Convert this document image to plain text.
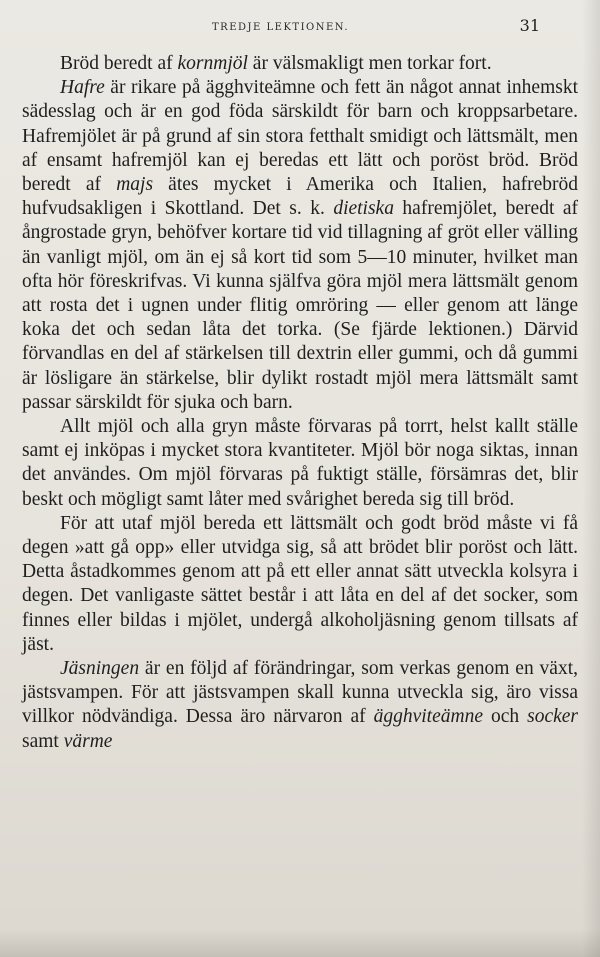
TREDJE LEKTIONEN.	31

Bröd beredt af kornmjöl är välsmakligt men torkar fort.

Hafre är rikare på ägghviteämne och fett än något annat inhemskt sädesslag och är en god föda särskildt för barn och kroppsarbetare. Hafremjölet är på grund af sin stora fetthalt smidigt och lättsmält, men af ensamt hafremjöl kan ej beredas ett lätt och poröst bröd. Bröd beredt af majs ätes mycket i Amerika och Italien, hafrebröd hufvudsakligen i Skottland. Det s. k. dietiska hafremjölet, beredt af ångrostade gryn, behöfver kortare tid vid tillagning af gröt eller välling än vanligt mjöl, om än ej så kort tid som 5—10 minuter, hvilket man ofta hör föreskrifvas. Vi kunna själfva göra mjöl mera lättsmält genom att rosta det i ugnen under flitig omröring — eller genom att länge koka det och sedan låta det torka. (Se fjärde lektionen.) Därvid förvandlas en del af stärkelsen till dextrin eller gummi, och då gummi är lösligare än stärkelse, blir dylikt rostadt mjöl mera lättsmält samt passar särskildt för sjuka och barn.

Allt mjöl och alla gryn måste förvaras på torrt, helst kallt ställe samt ej inköpas i mycket stora kvantiteter. Mjöl bör noga siktas, innan det användes. Om mjöl förvaras på fuktigt ställe, försämras det, blir beskt och mögligt samt låter med svårighet bereda sig till bröd.

För att utaf mjöl bereda ett lättsmält och godt bröd måste vi få degen »att gå opp» eller utvidga sig, så att brödet blir poröst och lätt. Detta åstadkommes genom att på ett eller annat sätt utveckla kolsyra i degen. Det vanligaste sättet består i att låta en del af det socker, som finnes eller bildas i mjölet, undergå alkoholjäsning genom tillsats af jäst.

Jäsningen är en följd af förändringar, som verkas genom en växt, jästsvampen. För att jästsvampen skall kunna utveckla sig, äro vissa villkor nödvändiga. Dessa äro närvaron af ägghviteämne och socker samt värme
